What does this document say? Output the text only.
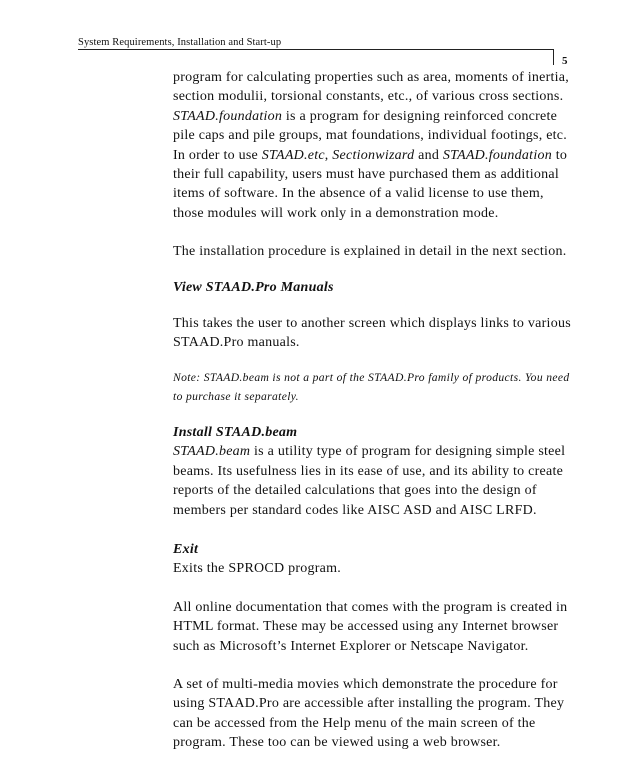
System Requirements, Installation and Start-up
5

program for calculating properties such as area, moments of inertia, section modulii, torsional constants, etc., of various cross sections. STAAD.foundation is a program for designing reinforced concrete pile caps and pile groups, mat foundations, individual footings, etc. In order to use STAAD.etc, Sectionwizard and STAAD.foundation to their full capability, users must have purchased them as additional items of software. In the absence of a valid license to use them, those modules will work only in a demonstration mode.

The installation procedure is explained in detail in the next section.

View STAAD.Pro Manuals

This takes the user to another screen which displays links to various STAAD.Pro manuals.

Note: STAAD.beam is not a part of the STAAD.Pro family of products. You need to purchase it separately.

Install STAAD.beam

STAAD.beam is a utility type of program for designing simple steel beams. Its usefulness lies in its ease of use, and its ability to create reports of the detailed calculations that goes into the design of members per standard codes like AISC ASD and AISC LRFD.

Exit

Exits the SPROCD program.

All online documentation that comes with the program is created in HTML format. These may be accessed using any Internet browser such as Microsoft’s Internet Explorer or Netscape Navigator.

A set of multi-media movies which demonstrate the procedure for using STAAD.Pro are accessible after installing the program. They can be accessed from the Help menu of the main screen of the program. These too can be viewed using a web browser.
